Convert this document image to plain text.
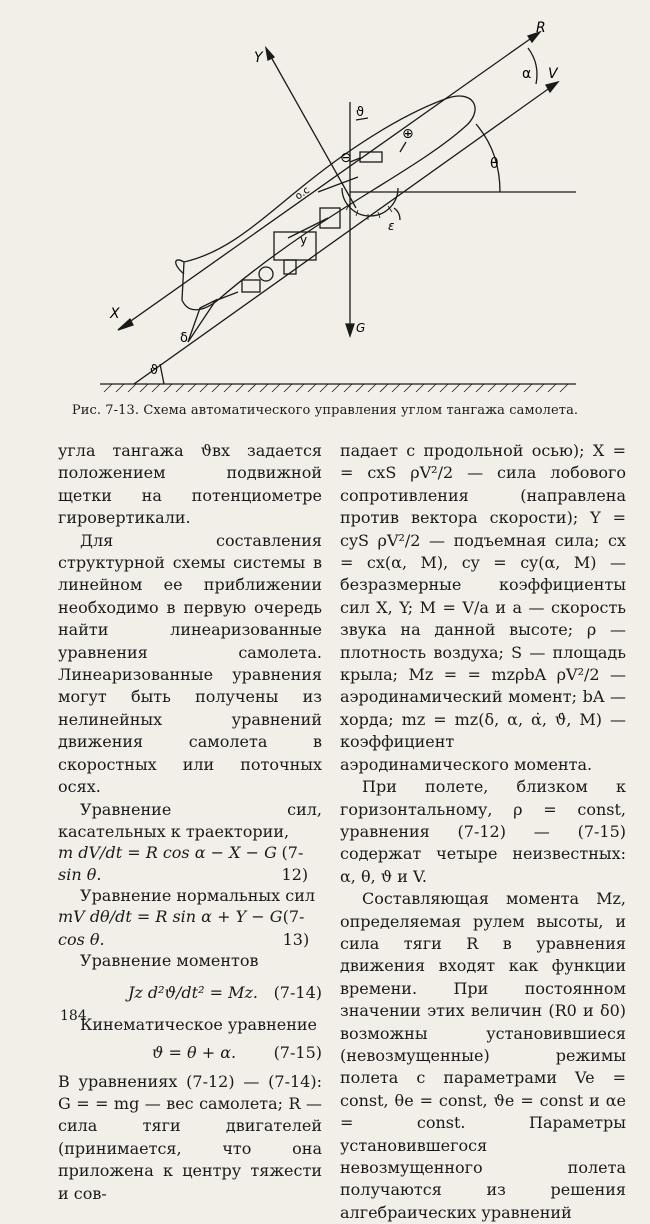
R
V
Y
X
G
α
θ
ϑ
ϑ
δ
ε
⊖
⊕
у
о.с
Рис. 7-13. Схема автоматического управления углом тангажа самолета.

угла тангажа ϑвх задается положением подвижной щетки на потенциометре гировертикали.

Для составления структурной схемы системы в линейном ее приближении необходимо в первую очередь найти линеаризованные уравнения самолета. Линеаризованные уравнения могут быть получены из нелинейных уравнений движения самолета в скоростных или поточных осях.

Уравнение сил, касательных к траектории,

m dV/dt = R cos α − X − G sin θ.
(7-12)

Уравнение нормальных сил

mV dθ/dt = R sin α + Y − G cos θ.
(7-13)

Уравнение моментов

Jz d²ϑ/dt² = Mz. (7-14)

Кинематическое уравнение

ϑ = θ + α. (7-15)

В уравнениях (7-12) — (7-14): G = = mg — вес самолета; R — сила тяги двигателей (принимается, что она приложена к центру тяжести и сов-

падает с продольной осью); X = = cxS ρV²/2 — сила лобового сопротивления (направлена против вектора скорости); Y = cyS ρV²/2 — подъемная сила; cx = cx(α, M), cy = cy(α, M) — безразмерные коэффициенты сил X, Y; M = V/a и a — скорость звука на данной высоте; ρ — плотность воздуха; S — площадь крыла; Mz = = mzρbA ρV²/2 — аэродинамический момент; bA — хорда; mz = mz(δ, α, α̇, ϑ̇, M) — коэффициент аэродинамического момента.

При полете, близком к горизонтальному, ρ = const, уравнения (7-12) — (7-15) содержат четыре неизвестных: α, θ, ϑ и V.

Составляющая момента Mz, определяемая рулем высоты, и сила тяги R в уравнения движения входят как функции времени. При постоянном значении этих величин (R0 и δ0) возможны установившиеся (невозмущенные) режимы полета с параметрами Ve = const, θe = const, ϑe = const и αe = const. Параметры установившегося невозмущенного полета получаются из решения алгебраических уравнений

184
